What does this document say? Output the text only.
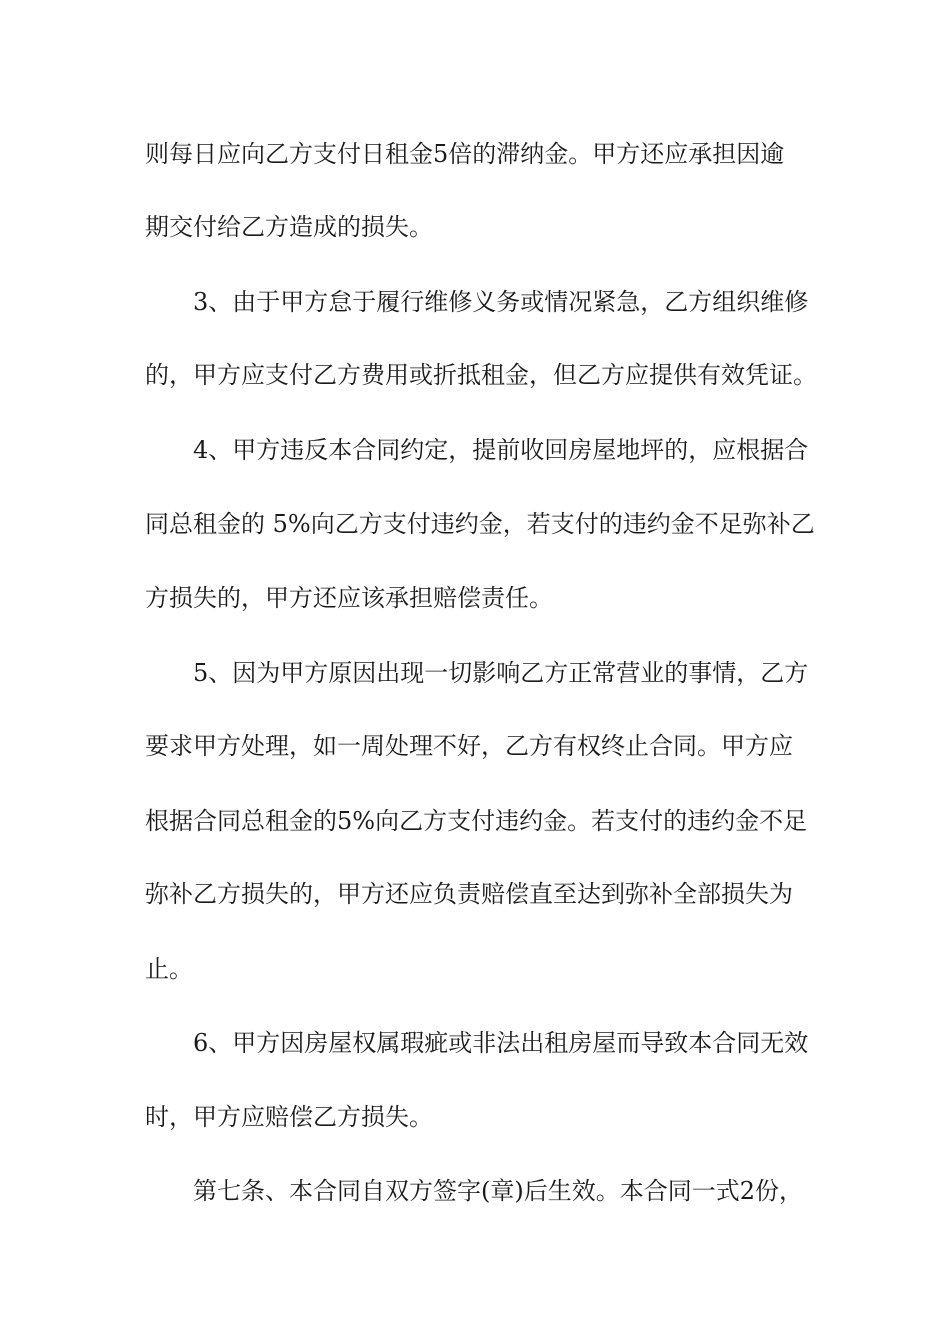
则每日应向乙方支付日租金5倍的滞纳金。甲方还应承担因逾
期交付给乙方造成的损失。
3、由于甲方怠于履行维修义务或情况紧急，乙方组织维修
的，甲方应支付乙方费用或折抵租金，但乙方应提供有效凭证。
4、甲方违反本合同约定，提前收回房屋地坪的，应根据合
同总租金的 5%向乙方支付违约金，若支付的违约金不足弥补乙
方损失的，甲方还应该承担赔偿责任。
5、因为甲方原因出现一切影响乙方正常营业的事情，乙方
要求甲方处理，如一周处理不好，乙方有权终止合同。甲方应
根据合同总租金的5%向乙方支付违约金。若支付的违约金不足
弥补乙方损失的，甲方还应负责赔偿直至达到弥补全部损失为
止。
6、甲方因房屋权属瑕疵或非法出租房屋而导致本合同无效
时，甲方应赔偿乙方损失。
第七条、本合同自双方签字(章)后生效。本合同一式2份，
